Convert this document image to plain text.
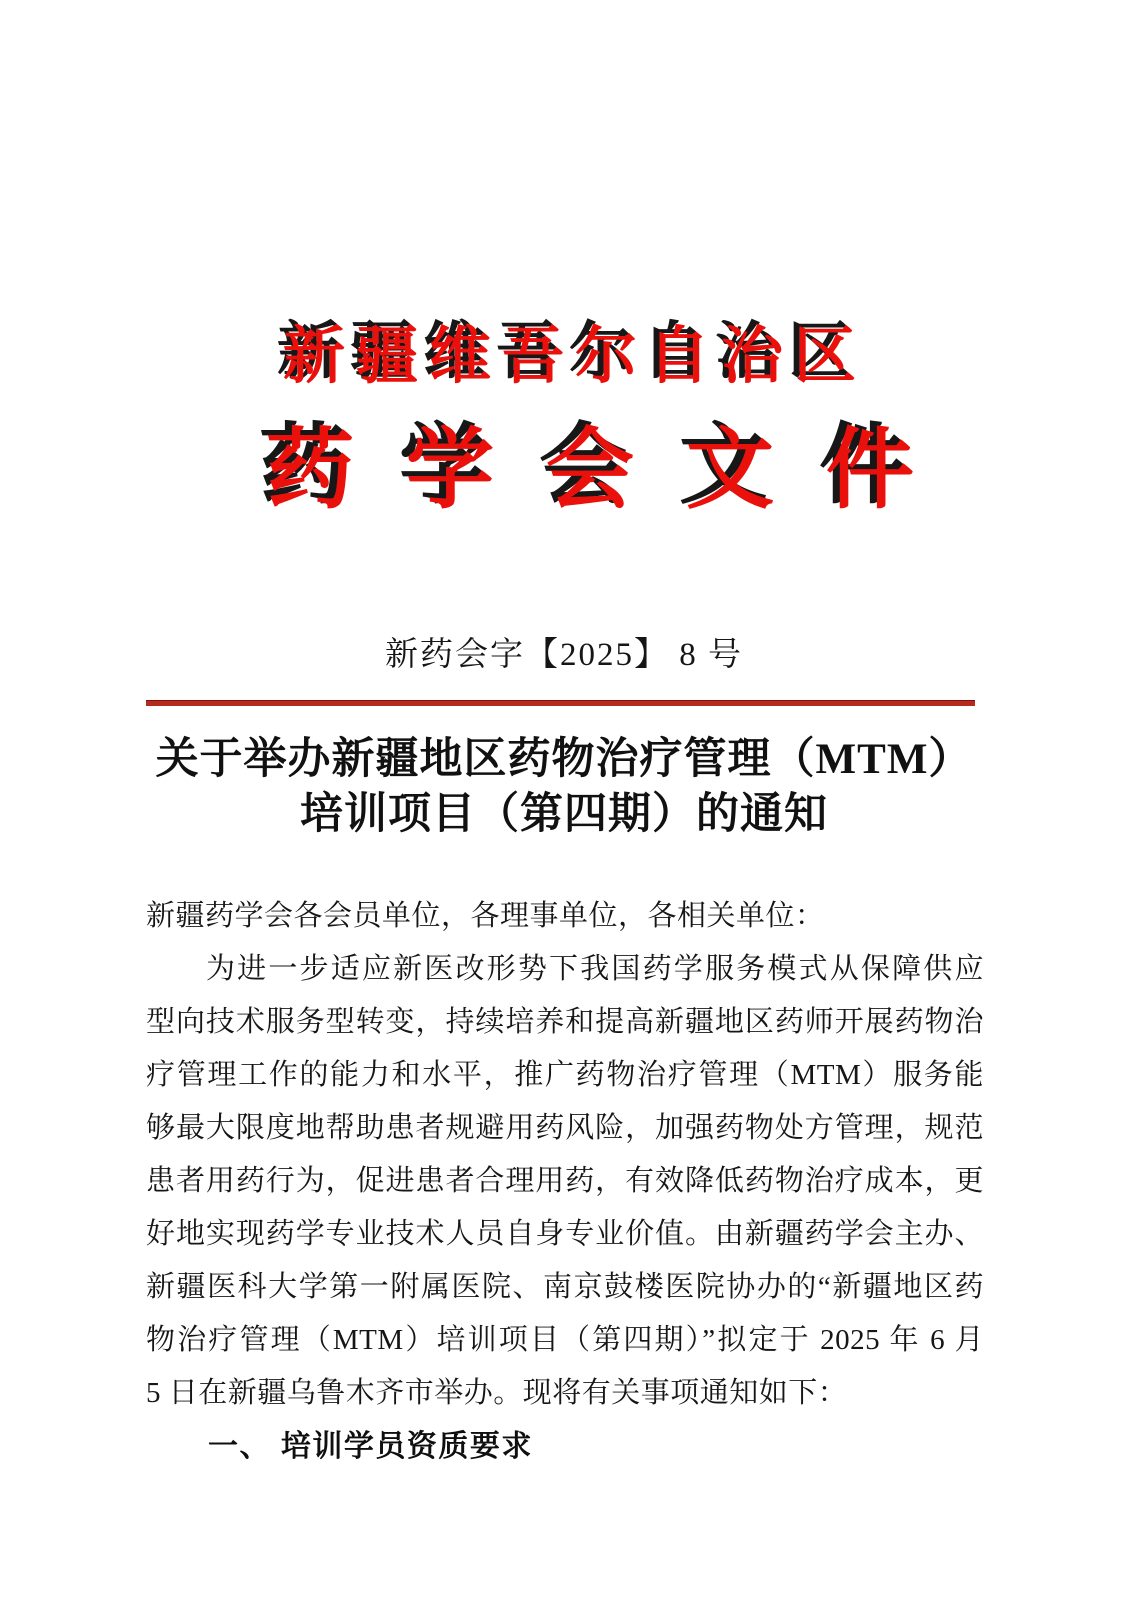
新疆维吾尔自治区
药学会文件
新药会字【2025】 8 号
关于举办新疆地区药物治疗管理（MTM）
培训项目（第四期）的通知
新疆药学会各会员单位，各理事单位，各相关单位：
为进一步适应新医改形势下我国药学服务模式从保障供应
型向技术服务型转变，持续培养和提高新疆地区药师开展药物治
疗管理工作的能力和水平，推广药物治疗管理（MTM）服务能
够最大限度地帮助患者规避用药风险，加强药物处方管理，规范
患者用药行为，促进患者合理用药，有效降低药物治疗成本，更
好地实现药学专业技术人员自身专业价值。由新疆药学会主办、
新疆医科大学第一附属医院、南京鼓楼医院协办的“新疆地区药
物治疗管理（MTM）培训项目（第四期）”拟定于 2025 年 6 月
5 日在新疆乌鲁木齐市举办。现将有关事项通知如下：
一、 培训学员资质要求
